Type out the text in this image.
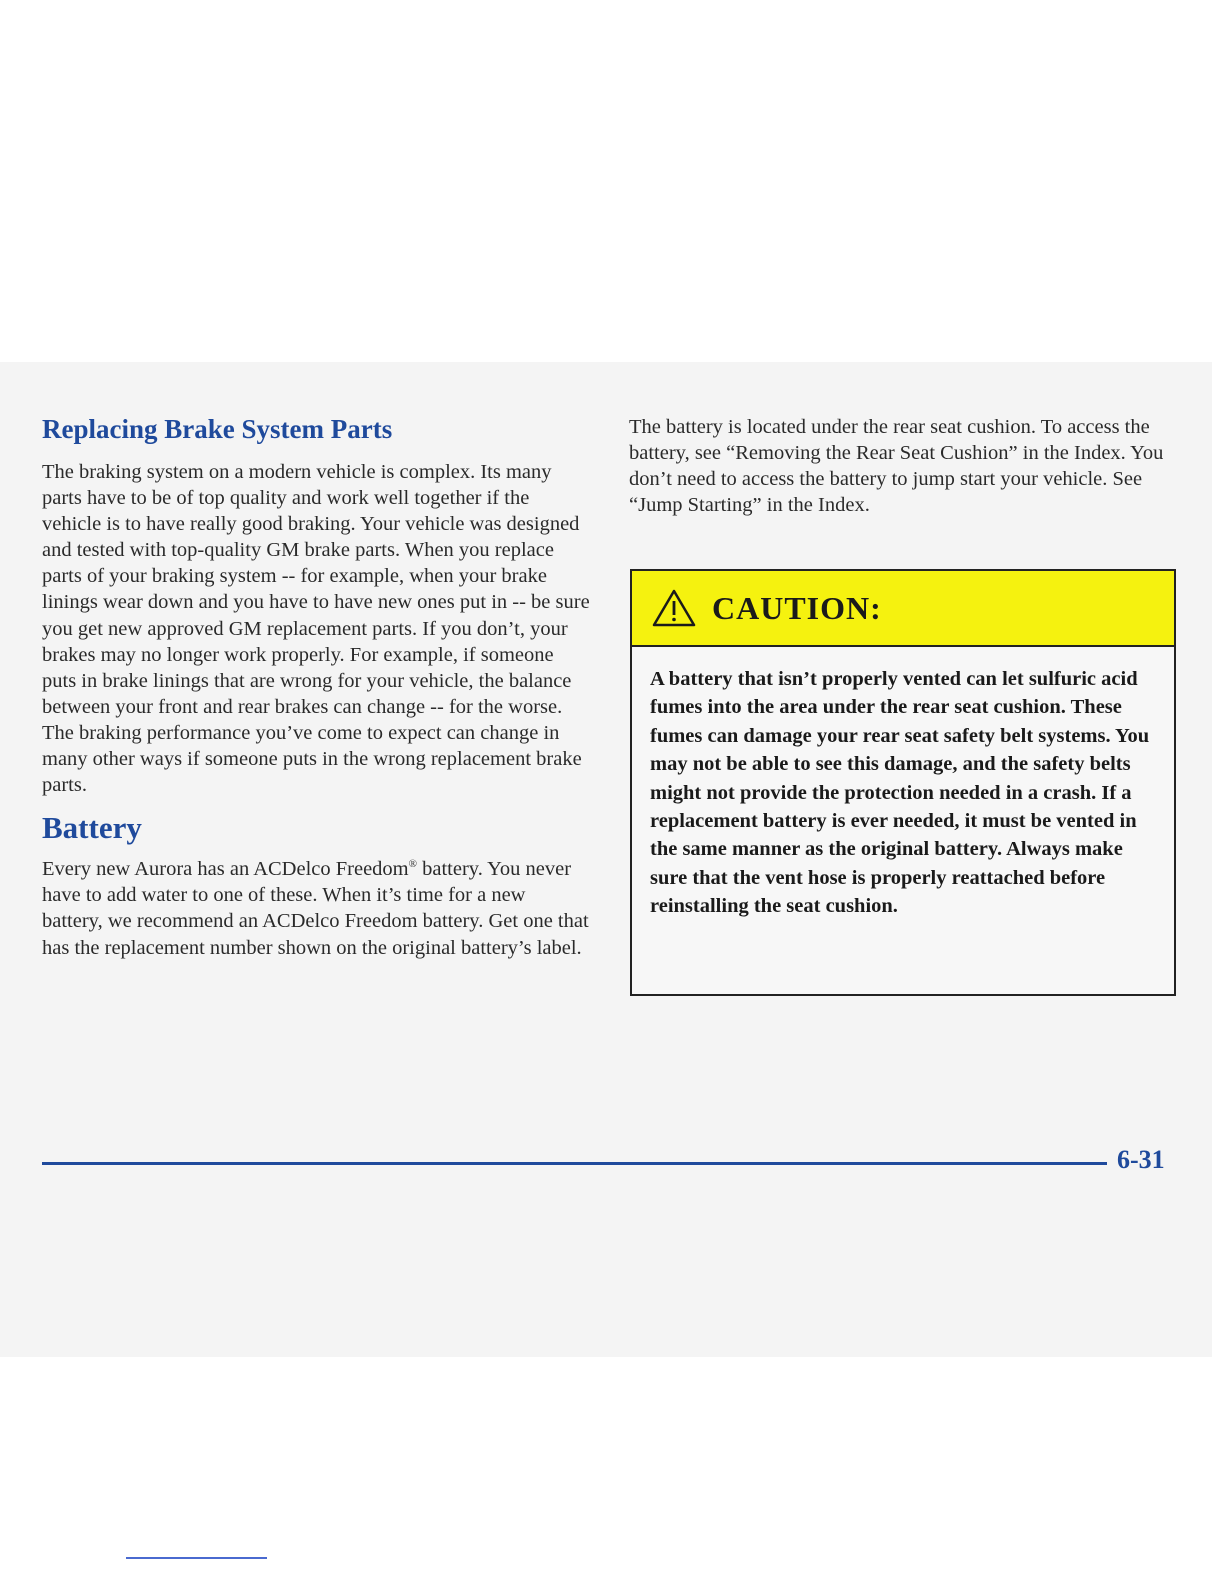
Replacing Brake System Parts

The braking system on a modern vehicle is complex. Its many parts have to be of top quality and work well together if the vehicle is to have really good braking. Your vehicle was designed and tested with top-quality GM brake parts. When you replace parts of your braking system -- for example, when your brake linings wear down and you have to have new ones put in -- be sure you get new approved GM replacement parts. If you don’t, your brakes may no longer work properly. For example, if someone puts in brake linings that are wrong for your vehicle, the balance between your front and rear brakes can change -- for the worse. The braking performance you’ve come to expect can change in many other ways if someone puts in the wrong replacement brake parts.

Battery

Every new Aurora has an ACDelco Freedom® battery. You never have to add water to one of these. When it’s time for a new battery, we recommend an ACDelco Freedom battery. Get one that has the replacement number shown on the original battery’s label.

The battery is located under the rear seat cushion. To access the battery, see “Removing the Rear Seat Cushion” in the Index. You don’t need to access the battery to jump start your vehicle. See “Jump Starting” in the Index.

CAUTION:
A battery that isn’t properly vented can let sulfuric acid fumes into the area under the rear seat cushion. These fumes can damage your rear seat safety belt systems. You may not be able to see this damage, and the safety belts might not provide the protection needed in a crash. If a replacement battery is ever needed, it must be vented in the same manner as the original battery. Always make sure that the vent hose is properly reattached before reinstalling the seat cushion.
6-31
